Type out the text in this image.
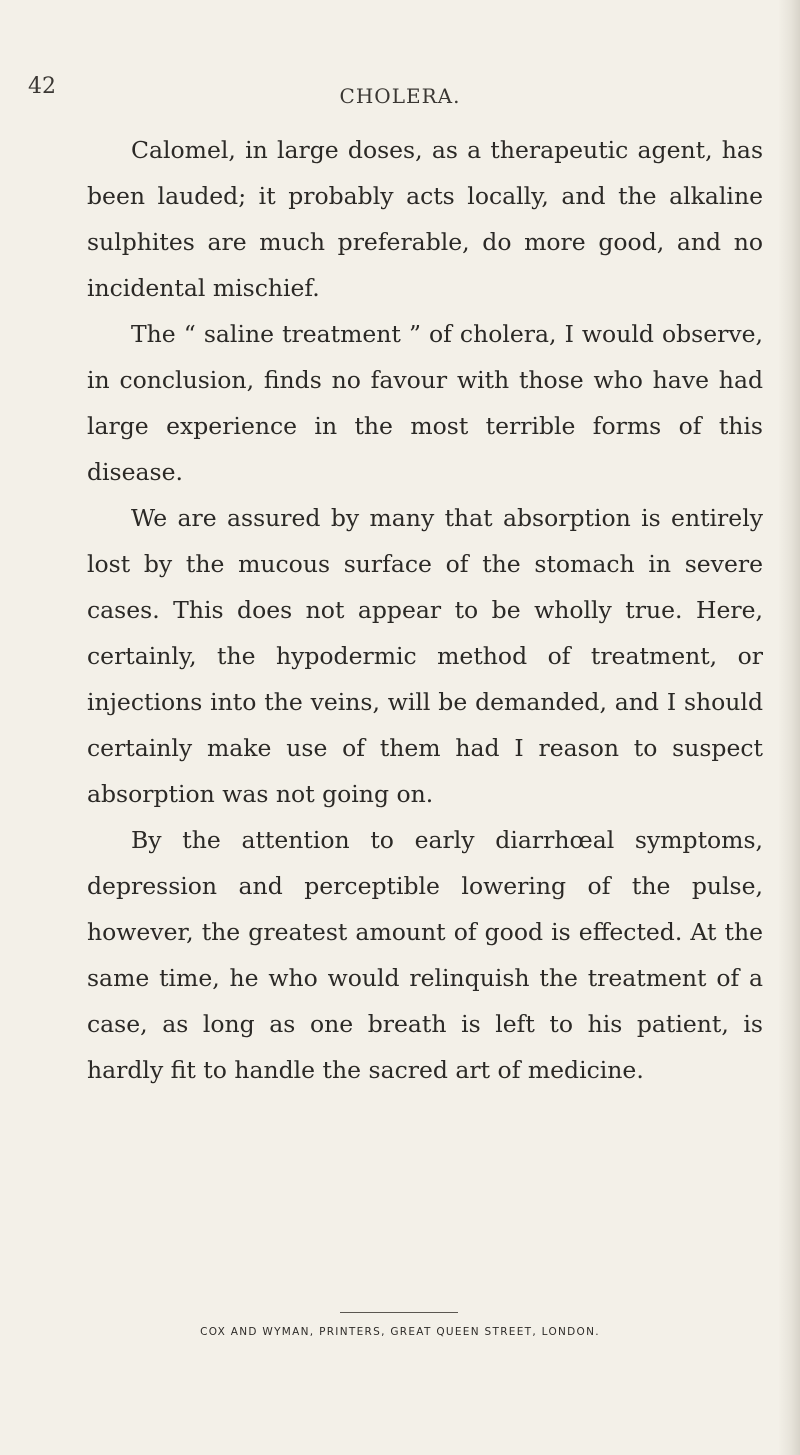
42	CHOLERA.

Calomel, in large doses, as a therapeutic agent, has been lauded; it probably acts locally, and the alkaline sulphites are much preferable, do more good, and no incidental mischief.

The “ saline treatment ” of cholera, I would observe, in conclusion, finds no favour with those who have had large experience in the most terrible forms of this disease.

We are assured by many that absorption is entirely lost by the mucous surface of the stomach in severe cases. This does not appear to be wholly true. Here, certainly, the hypodermic method of treatment, or injections into the veins, will be demanded, and I should certainly make use of them had I reason to suspect absorption was not going on.

By the attention to early diarrhœal symptoms, depression and perceptible lowering of the pulse, however, the greatest amount of good is effected. At the same time, he who would relinquish the treatment of a case, as long as one breath is left to his patient, is hardly fit to handle the sacred art of medicine.

COX AND WYMAN, PRINTERS, GREAT QUEEN STREET, LONDON.
